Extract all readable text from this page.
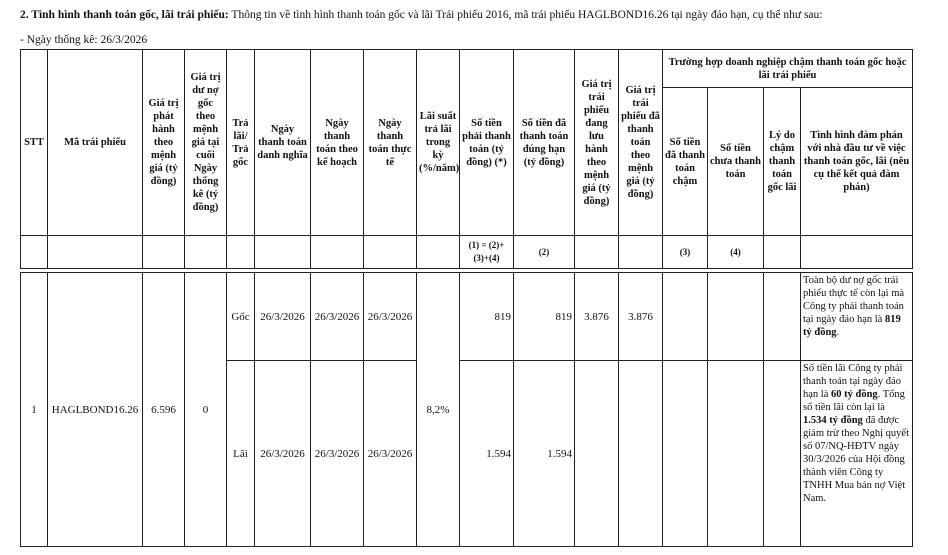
2. Tình hình thanh toán gốc, lãi trái phiếu: Thông tin về tình hình thanh toán gốc và lãi Trái phiếu 2016, mã trái phiếu HAGLBOND16.26 tại ngày đáo hạn, cụ thể như sau:
- Ngày thống kê: 26/3/2026
STT	Mã trái phiếu	Giá trị phát hành theo mệnh giá (tỷ đồng)	Giá trị dư nợ gốc theo mệnh giá tại cuối Ngày thống kê (tỷ đồng)	Trả lãi/ Trả gốc	Ngày thanh toán danh nghĩa	Ngày thanh toán theo kế hoạch	Ngày thanh toán thực tế	Lãi suất trả lãi trong kỳ (%/năm)	Số tiền phải thanh toán (tỷ đồng) (*)	Số tiền đã thanh toán đúng hạn (tỷ đồng)	Giá trị trái phiếu đang lưu hành theo mệnh giá (tỷ đồng)	Giá trị trái phiếu đã thanh toán theo mệnh giá (tỷ đồng)	Trường hợp doanh nghiệp chậm thanh toán gốc hoặc lãi trái phiếu			
													Số tiền đã thanh toán chậm	Số tiền chưa thanh toán	Lý do chậm thanh toán gốc lãi	Tình hình đàm phán với nhà đầu tư về việc thanh toán gốc, lãi (nêu cụ thể kết quả đàm phán)
									(1) = (2)+(3)+(4)	(2)			(3)	(4)		

1	HAGLBOND16.26	6.596	0	Gốc	26/3/2026	26/3/2026	26/3/2026	8,2%	819	819	3.876	3.876				Toàn bộ dư nợ gốc trái phiếu thực tế còn lại mà Công ty phải thanh toán tại ngày đáo hạn là 819 tỷ đồng.
				Lãi	26/3/2026	26/3/2026	26/3/2026		1.594	1.594						Số tiền lãi Công ty phải thanh toán tại ngày đáo hạn là 60 tỷ đồng. Tổng số tiền lãi còn lại là 1.534 tỷ đồng đã được giảm trừ theo Nghị quyết số 07/NQ-HĐTV ngày 30/3/2026 của Hội đồng thành viên Công ty TNHH Mua bán nợ Việt Nam.
